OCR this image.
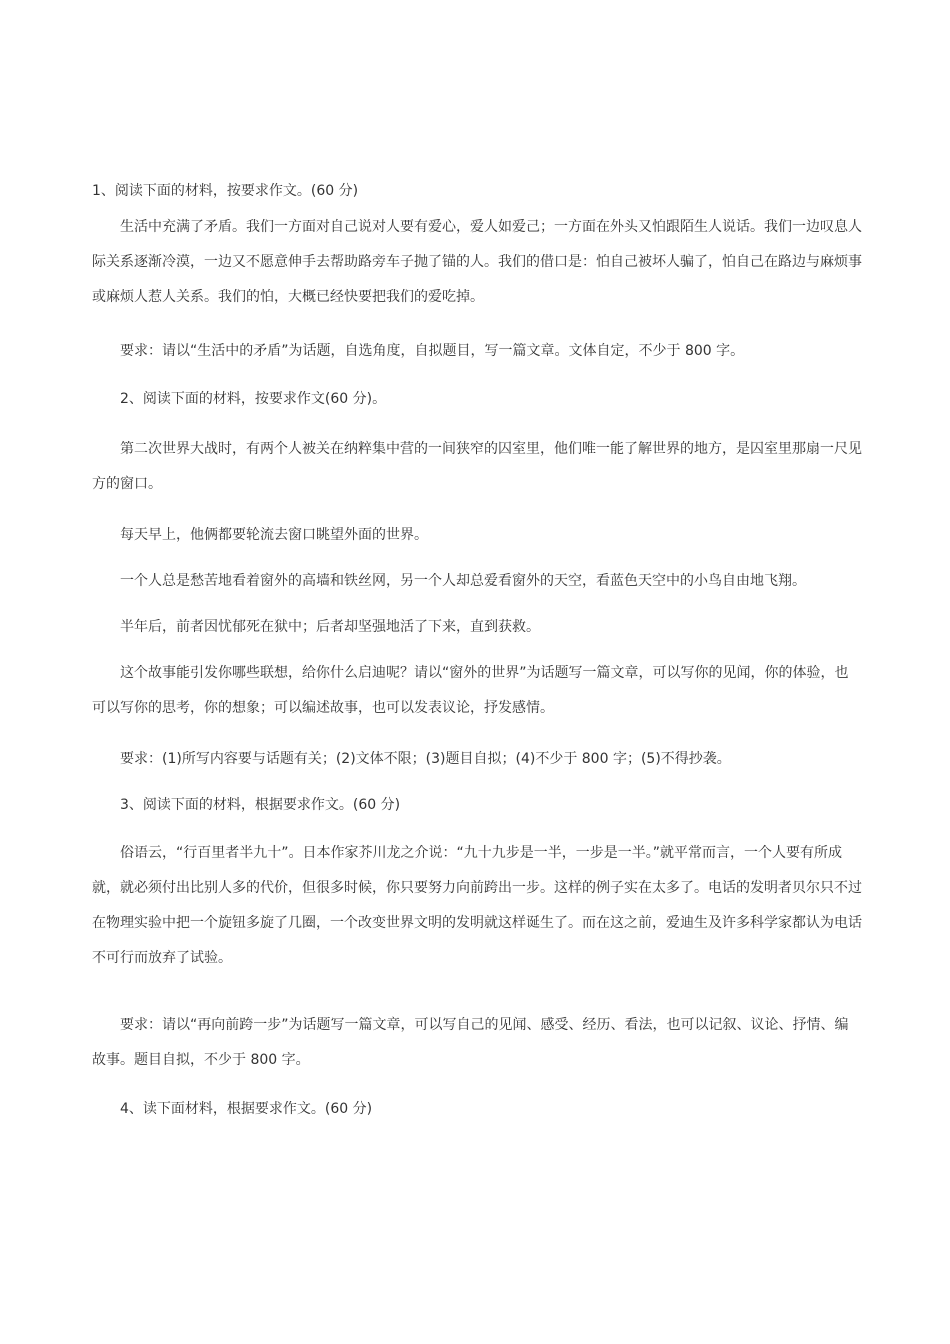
1、阅读下面的材料，按要求作文。(60 分)

生活中充满了矛盾。我们一方面对自己说对人要有爱心，爱人如爱己；一方面在外头又怕跟陌生人说话。我们一边叹息人际关系逐渐冷漠，一边又不愿意伸手去帮助路旁车子抛了锚的人。我们的借口是：怕自己被坏人骗了，怕自己在路边与麻烦事或麻烦人惹人关系。我们的怕，大概已经快要把我们的爱吃掉。

要求：请以“生活中的矛盾”为话题，自选角度，自拟题目，写一篇文章。文体自定，不少于 800 字。

2、阅读下面的材料，按要求作文(60 分)。

第二次世界大战时，有两个人被关在纳粹集中营的一间狭窄的囚室里，他们唯一能了解世界的地方，是囚室里那扇一尺见方的窗口。

每天早上，他俩都要轮流去窗口眺望外面的世界。

一个人总是愁苦地看着窗外的高墙和铁丝网，另一个人却总爱看窗外的天空，看蓝色天空中的小鸟自由地飞翔。

半年后，前者因忧郁死在狱中；后者却坚强地活了下来，直到获救。

这个故事能引发你哪些联想，给你什么启迪呢？请以“窗外的世界”为话题写一篇文章，可以写你的见闻，你的体验，也可以写你的思考，你的想象；可以编述故事，也可以发表议论，抒发感情。

要求：(1)所写内容要与话题有关；(2)文体不限；(3)题目自拟；(4)不少于 800 字；(5)不得抄袭。

3、阅读下面的材料，根据要求作文。(60 分)

俗语云，“行百里者半九十”。日本作家芥川龙之介说：“九十九步是一半，一步是一半。”就平常而言，一个人要有所成就，就必须付出比别人多的代价，但很多时候，你只要努力向前跨出一步。这样的例子实在太多了。电话的发明者贝尔只不过在物理实验中把一个旋钮多旋了几圈，一个改变世界文明的发明就这样诞生了。而在这之前，爱迪生及许多科学家都认为电话不可行而放弃了试验。

要求：请以“再向前跨一步”为话题写一篇文章，可以写自己的见闻、感受、经历、看法，也可以记叙、议论、抒情、编故事。题目自拟，不少于 800 字。

4、读下面材料，根据要求作文。(60 分)
